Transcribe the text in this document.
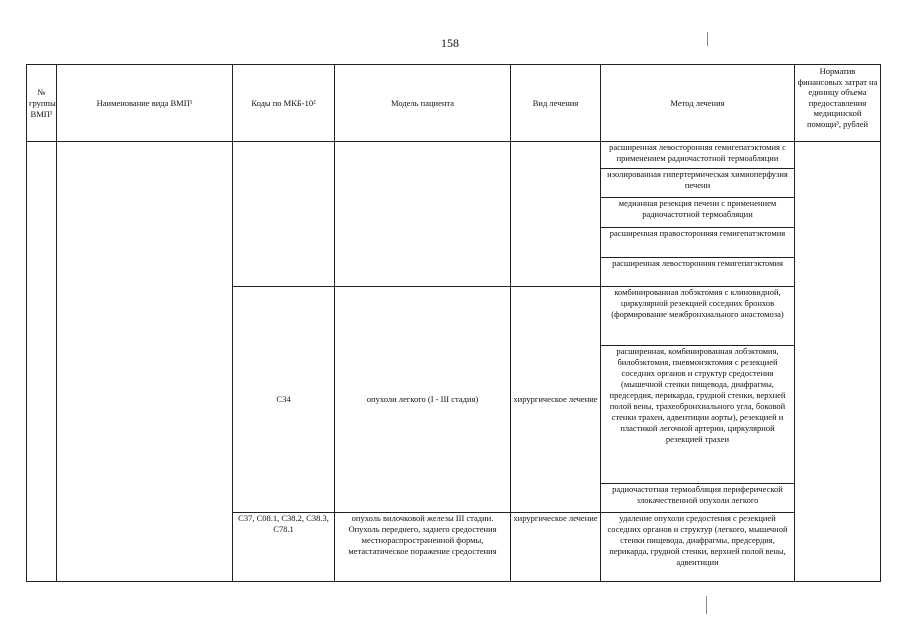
158
№ группы ВМП¹	Наименование вида ВМП¹	Коды по МКБ-10²	Модель пациента	Вид лечения	Метод лечения	Норматив финансовых затрат на единицу объема предоставления медицинской помощи³, рублей
					расширенная левосторонняя гемигепатэктомия с применением радиочастотной термоабляции	
					изолированная гипертермическая химиоперфузия печени	
					медианная резекция печени с применением радиочастотной термоабляции	
					расширенная правосторонняя гемигепатэктомия	
					расширенная левосторонняя гемигепатэктомия	
		С34	опухоли легкого (I - III стадия)	хирургическое лечение	комбинированная лобэктомия с клиновидной, циркулярной резекцией соседних бронхов (формирование межбронхиального анастомоза)	
					расширенная, комбинированная лобэктомия, билобэктомия, пневмонэктомия с резекцией соседних органов и структур средостения (мышечной стенки пищевода, диафрагмы, предсердия, перикарда, грудной стенки, верхней полой вены, трахеобронхиального угла, боковой стенки трахеи, адвентиции аорты), резекцией и пластикой легочной артерии, циркулярной резекцией трахеи	
					радиочастотная термоабляция периферической злокачественной опухоли легкого	
		С37, С08.1, С38.2, С38.3, С78.1	опухоль вилочковой железы III стадии. Опухоль переднего, заднего средостения местнораспространенной формы, метастатическое поражение средостения	хирургическое лечение	удаление опухоли средостения с резекцией соседних органов и структур (легкого, мышечной стенки пищевода, диафрагмы, предсердия, перикарда, грудной стенки, верхней полой вены, адвентиции	
